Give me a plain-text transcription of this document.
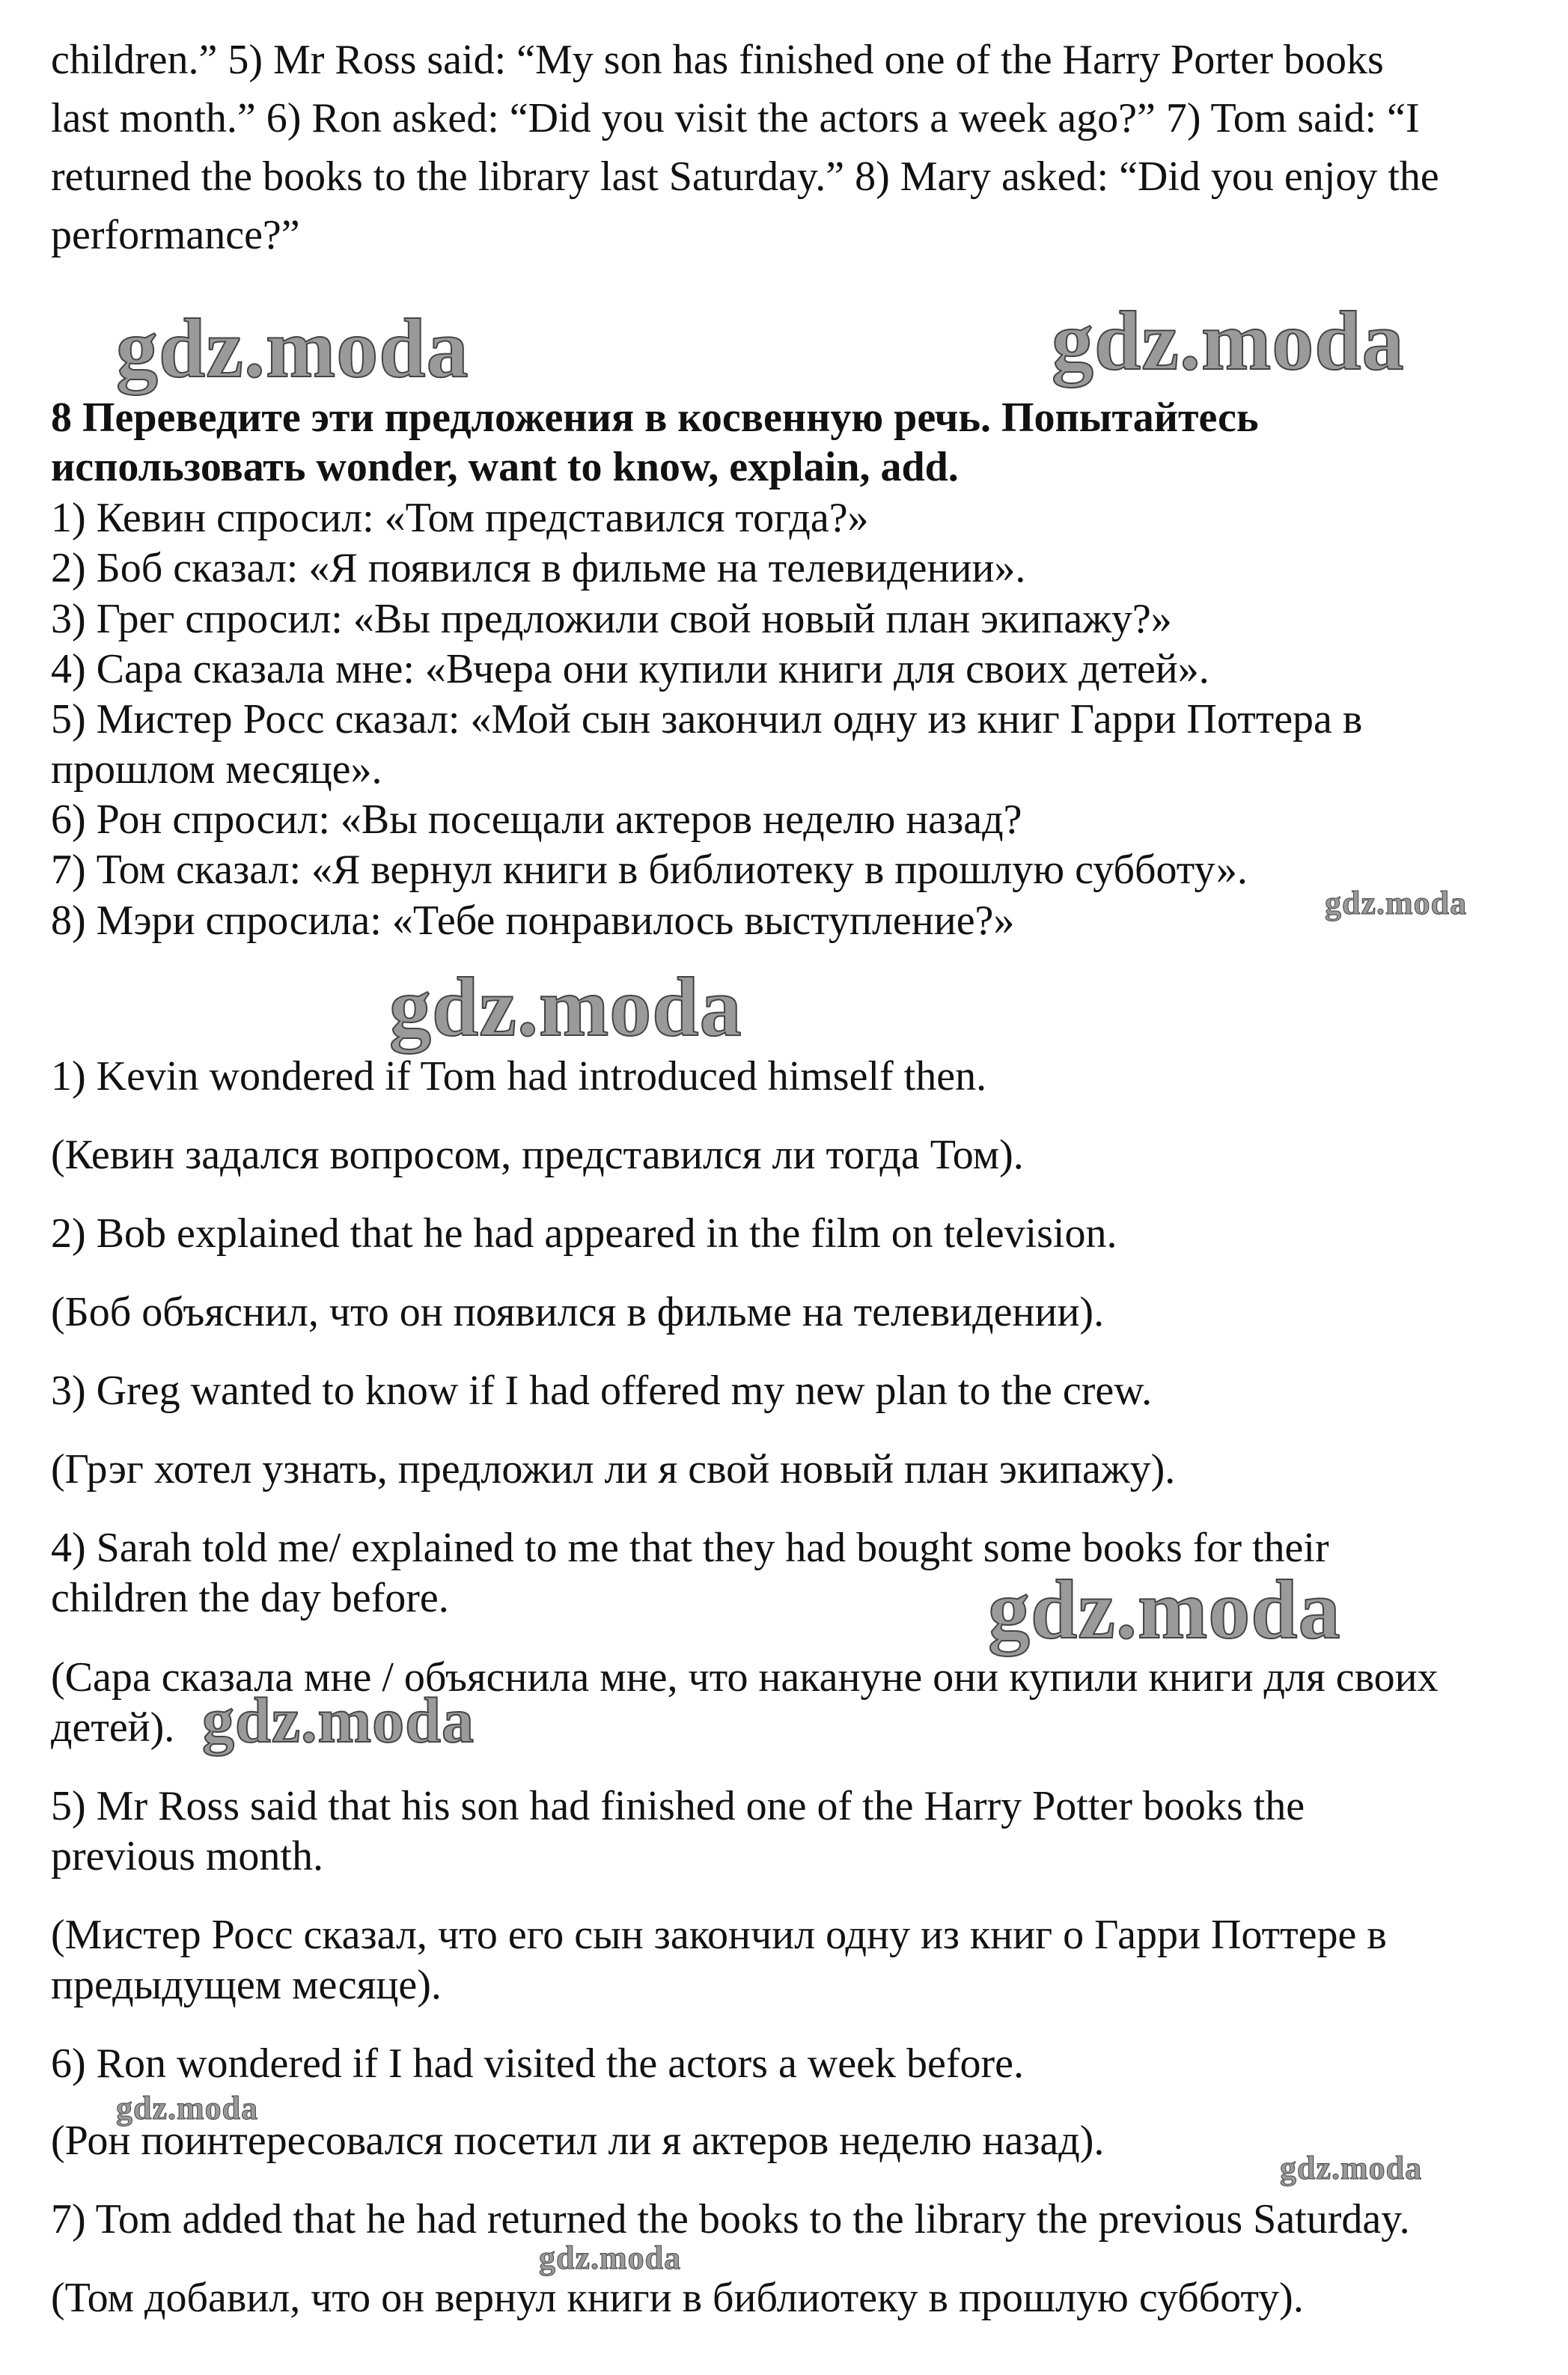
children.” 5) Mr Ross said: “My son has finished one of the Harry Porter books
last month.” 6) Ron asked: “Did you visit the actors a week ago?” 7) Tom said: “I
returned the books to the library last Saturday.” 8) Mary asked: “Did you enjoy the
performance?”
8 Переведите эти предложения в косвенную речь. Попытайтесь
использовать wonder, want to know, explain, add.
1) Кевин спросил: «Том представился тогда?»
2) Боб сказал: «Я появился в фильме на телевидении».
3) Грег спросил: «Вы предложили свой новый план экипажу?»
4) Сара сказала мне: «Вчера они купили книги для своих детей».
5) Мистер Росс сказал: «Мой сын закончил одну из книг Гарри Поттера в
прошлом месяце».
6) Рон спросил: «Вы посещали актеров неделю назад?
7) Том сказал: «Я вернул книги в библиотеку в прошлую субботу».
8) Мэри спросила: «Тебе понравилось выступление?»
1) Kevin wondered if Tom had introduced himself then.
(Кевин задался вопросом, представился ли тогда Том).
2) Bob explained that he had appeared in the film on television.
(Боб объяснил, что он появился в фильме на телевидении).
3) Greg wanted to know if I had offered my new plan to the crew.
(Грэг хотел узнать, предложил ли я свой новый план экипажу).
4) Sarah told me/ explained to me that they had bought some books for their
children the day before.
(Сара сказала мне / объяснила мне, что накануне они купили книги для своих
детей).
5) Mr Ross said that his son had finished one of the Harry Potter books the
previous month.
(Мистер Росс сказал, что его сын закончил одну из книг о Гарри Поттере в
предыдущем месяце).
6) Ron wondered if I had visited the actors a week before.
(Рон поинтересовался посетил ли я актеров неделю назад).
7) Tom added that he had returned the books to the library the previous Saturday.
(Том добавил, что он вернул книги в библиотеку в прошлую субботу).
gdz.moda	gdz.moda
gdz.moda
gdz.moda
gdz.moda
gdz.moda
gdz.moda
gdz.moda
gdz.moda
